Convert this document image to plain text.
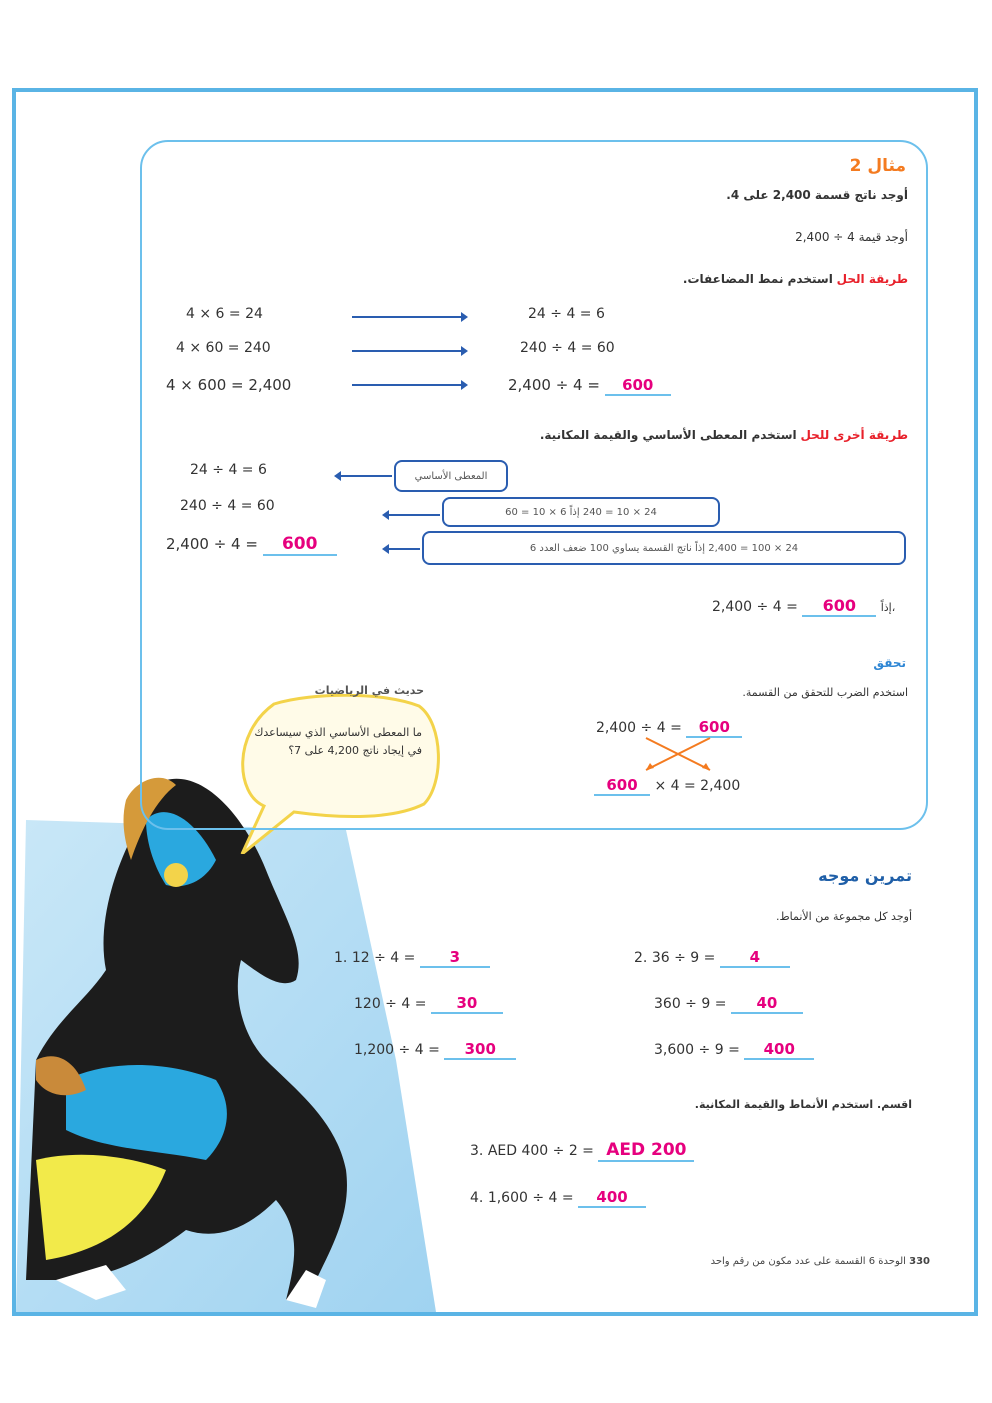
حديث في الرياضيات
ما المعطى الأساسي الذي سيساعدك في إيجاد ناتج 4,200 على 7؟
مثال 2
أوجد ناتج قسمة 2,400 على 4.
أوجد قيمة 4 ÷ 2,400
طريقة الحل استخدم نمط المضاعفات.
4 × 6 = 24	24 ÷ 4 = 6
4 × 60 = 240	240 ÷ 4 = 60
4 × 600 = 2,400	2,400 ÷ 4 = 600
طريقة أخرى للحل استخدم المعطى الأساسي والقيمة المكانية.
24 ÷ 4 = 6	المعطى الأساسي
240 ÷ 4 = 60	24 × 10 = 240 إذاً 6 × 10 = 60
2,400 ÷ 4 = 600	24 × 100 = 2,400 إذاً ناتج القسمة يساوي 100 ضعف العدد 6
2,400 ÷ 4 = 600 إذاً،
تحقق
استخدم الضرب للتحقق من القسمة.
2,400 ÷ 4 = 600
600 × 4 = 2,400
تمرين موجه
أوجد كل مجموعة من الأنماط.
1. 12 ÷ 4 = 3
120 ÷ 4 = 30
1,200 ÷ 4 = 300
2. 36 ÷ 9 = 4
360 ÷ 9 = 40
3,600 ÷ 9 = 400
اقسم. استخدم الأنماط والقيمة المكانية.
3. AED 400 ÷ 2 = AED 200
4. 1,600 ÷ 4 = 400
330 الوحدة 6 القسمة على عدد مكون من رقم واحد
